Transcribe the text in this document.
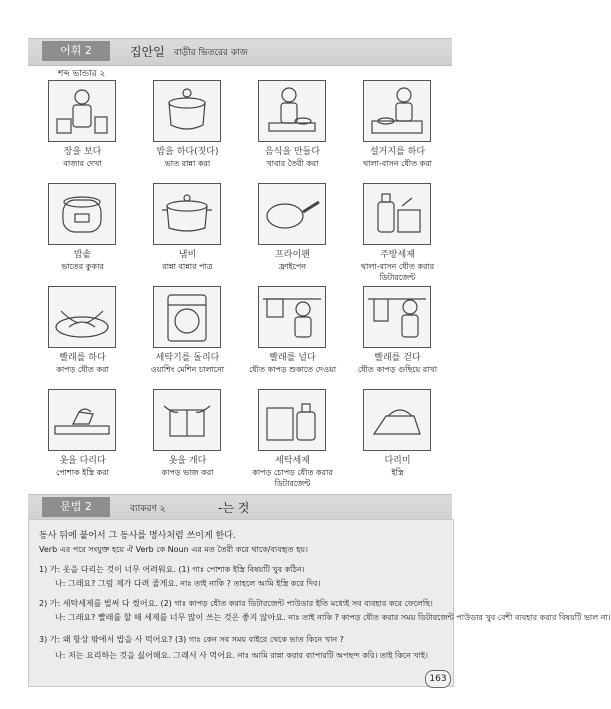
어휘 2	집안일 বাড়ীর ভিতরের কাজ
শব্দ ভান্ডার ২
장을 보다
বাজার দেখা
밥을 하다(짓다)
ভাত রান্না করা
음식을 만들다
খাবার তৈরী করা
설거지를 하다
থালা-বাসন ধৌত করা
밥솥
ভাতের কুকার
냄비
রান্না বান্নার পাত্র
프라이팬
ফ্রাইপেন
주방세제
থালা-বাসন ধৌত করার ডিটারজেন্ট
빨래를 하다
কাপড় ধৌত করা
세탁기를 돌리다
ওয়াশিং মেশিন চালানো
빨래를 널다
ধৌত কাপড় শুকাতে দেওয়া
빨래를 걷다
ধৌত কাপড় গুছিয়ে রাখা
옷을 다리다
পোশাক ইস্ত্রি করা
옷을 개다
কাপড় ভাজ করা
세탁세제
কাপড় চোপড় ধৌত করার ডিটারজেন্ট
다리미
ইস্ত্রি
문법 2	ব্যাকরণ ২	-는 것
동사 뒤에 붙어서 그 동사를 명사처럼 쓰이게 한다.
Verb এর পরে সংযুক্ত হয়ে ঐ Verb কে Noun এর মত তৈরী করে থাকে/ব্যবহৃত হয়।
1) 가: 옷을 다리는 것이 너무 어려워요. (1) গাঃ পোশাক ইস্ত্রি বিষয়টি খুব কঠিন।
나: 그래요? 그럼 제가 다려 줄게요. নাঃ তাই নাকি ? তাহলে আমি ইস্ত্রি করে দিব।
2) 가: 세탁세제를 벌써 다 썼어요. (2) গাঃ কাপড় ধৌত করার ডিটারজেন্ট পাউডার ইতি মধ্যেই সব ব্যবহার করে ফেলেছি।
나: 그래요? 빨래를 할 때 세제를 너무 많이 쓰는 것은 좋지 않아요. নাঃ তাই নাকি ? কাপড় ধৌত করার সময় ডিটারজেন্ট পাউডার খুব বেশী ব্যবহার করার বিষয়টি ভাল না।
3) 가: 왜 항상 밖에서 밥을 사 먹어요? (3) গাঃ কেন সব সময় বাইরে থেকে ভাত কিনে খান ?
나: 저는 요리하는 것을 싫어해요. 그래서 사 먹어요. নাঃ আমি রান্না করার ব্যাপারটি অপছন্দ করি। তাই কিনে খাই।
163
